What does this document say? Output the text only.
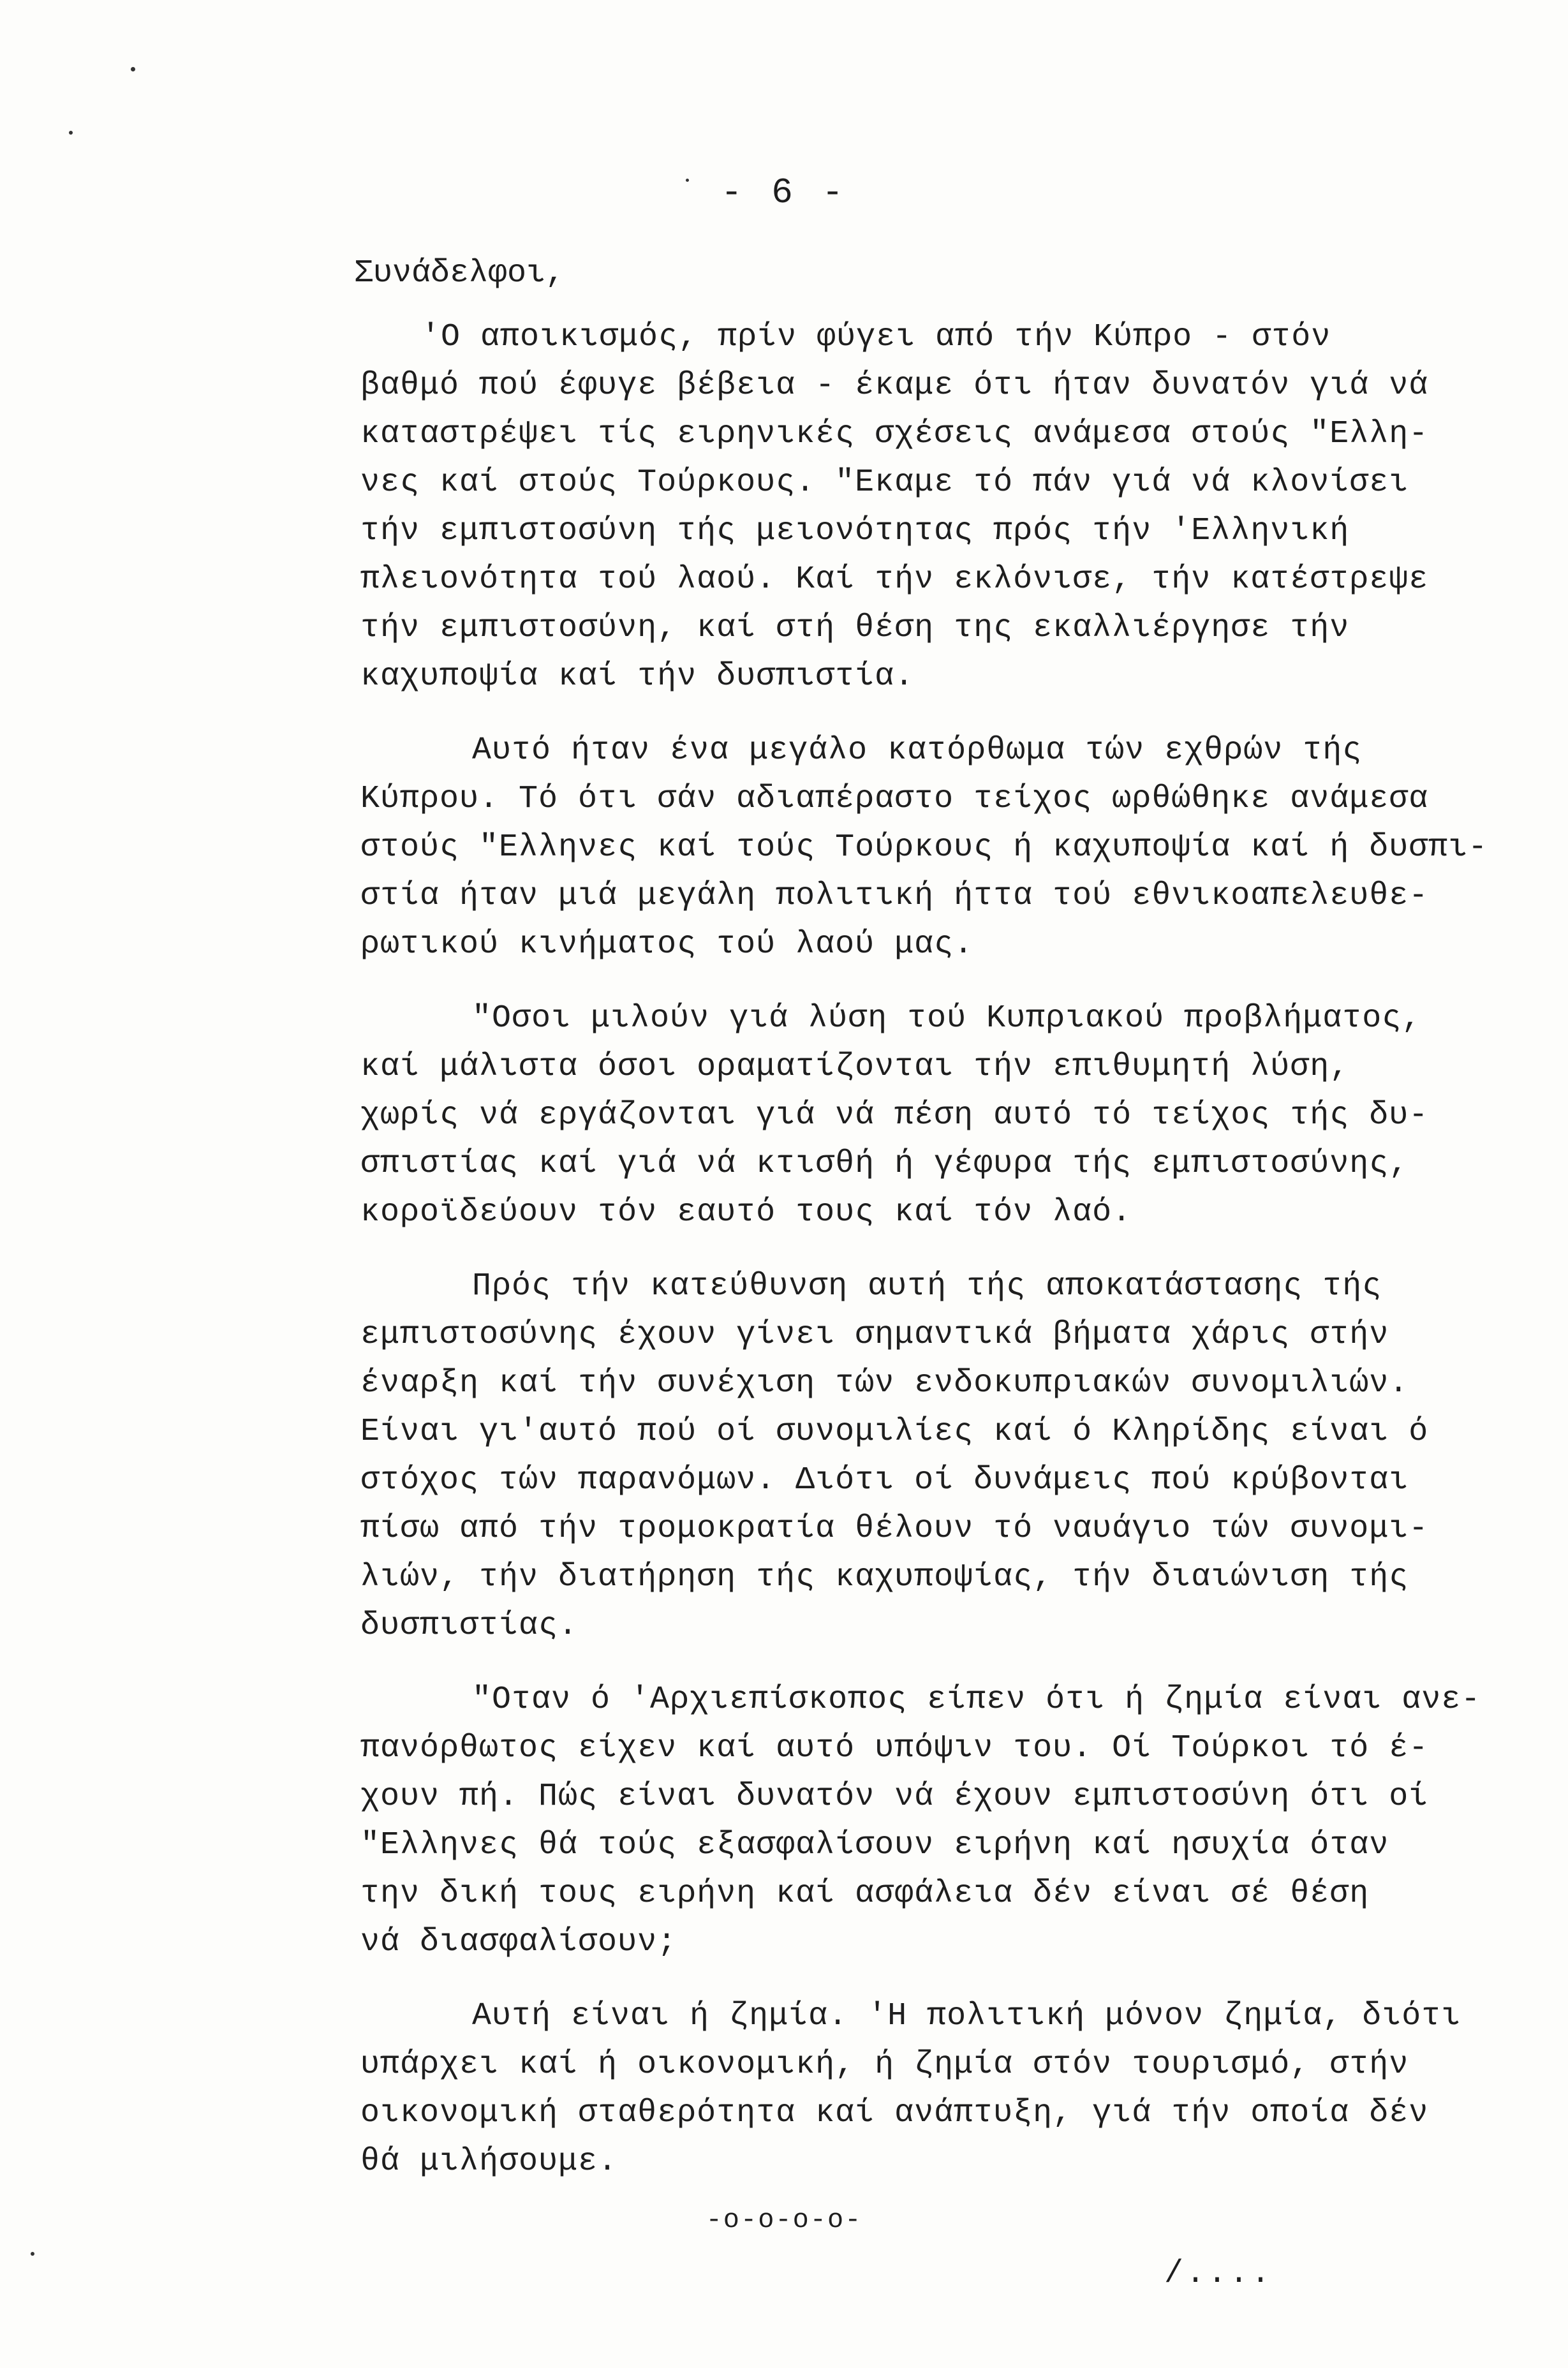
- 6 -
Συνάδελφοι,
'Ο αποικισμός, πρίν φύγει από τήν Κύπρο - στόν
βαθμό πού έφυγε βέβεια - έκαμε ότι ήταν δυνατόν γιά νά
καταστρέψει τίς ειρηνικές σχέσεις ανάμεσα στούς "Ελλη-
νες καί στούς Τούρκους. "Εκαμε τό πάν γιά νά κλονίσει
τήν εμπιστοσύνη τής μειονότητας πρός τήν 'Ελληνική
πλειονότητα τού λαού. Καί τήν εκλόνισε, τήν κατέστρεψε
τήν εμπιστοσύνη, καί στή θέση της εκαλλιέργησε τήν
καχυποψία καί τήν δυσπιστία.
Αυτό ήταν ένα μεγάλο κατόρθωμα τών εχθρών τής
Κύπρου. Τό ότι σάν αδιαπέραστο τείχος ωρθώθηκε ανάμεσα
στούς "Ελληνες καί τούς Τούρκους ή καχυποψία καί ή δυσπι-
στία ήταν μιά μεγάλη πολιτική ήττα τού εθνικοαπελευθε-
ρωτικού κινήματος τού λαού μας.
"Οσοι μιλούν γιά λύση τού Κυπριακού προβλήματος,
καί μάλιστα όσοι οραματίζονται τήν επιθυμητή λύση,
χωρίς νά εργάζονται γιά νά πέση αυτό τό τείχος τής δυ-
σπιστίας καί γιά νά κτισθή ή γέφυρα τής εμπιστοσύνης,
κοροϊδεύουν τόν εαυτό τους καί τόν λαό.
Πρός τήν κατεύθυνση αυτή τής αποκατάστασης τής
εμπιστοσύνης έχουν γίνει σημαντικά βήματα χάρις στήν
έναρξη καί τήν συνέχιση τών ενδοκυπριακών συνομιλιών.
Είναι γι'αυτό πού οί συνομιλίες καί ό Κληρίδης είναι ό
στόχος τών παρανόμων. Διότι οί δυνάμεις πού κρύβονται
πίσω από τήν τρομοκρατία θέλουν τό ναυάγιο τών συνομι-
λιών, τήν διατήρηση τής καχυποψίας, τήν διαιώνιση τής
δυσπιστίας.
"Οταν ό 'Αρχιεπίσκοπος είπεν ότι ή ζημία είναι ανε-
πανόρθωτος είχεν καί αυτό υπόψιν του. Οί Τούρκοι τό έ-
χουν πή. Πώς είναι δυνατόν νά έχουν εμπιστοσύνη ότι οί
"Ελληνες θά τούς εξασφαλίσουν ειρήνη καί ησυχία όταν
την δική τους ειρήνη καί ασφάλεια δέν είναι σέ θέση
νά διασφαλίσουν;
-o-o-o-o-
/....
Αυτή είναι ή ζημία. 'Η πολιτική μόνον ζημία, διότι
υπάρχει καί ή οικονομική, ή ζημία στόν τουρισμό, στήν
οικονομική σταθερότητα καί ανάπτυξη, γιά τήν οποία δέν
θά μιλήσουμε.
